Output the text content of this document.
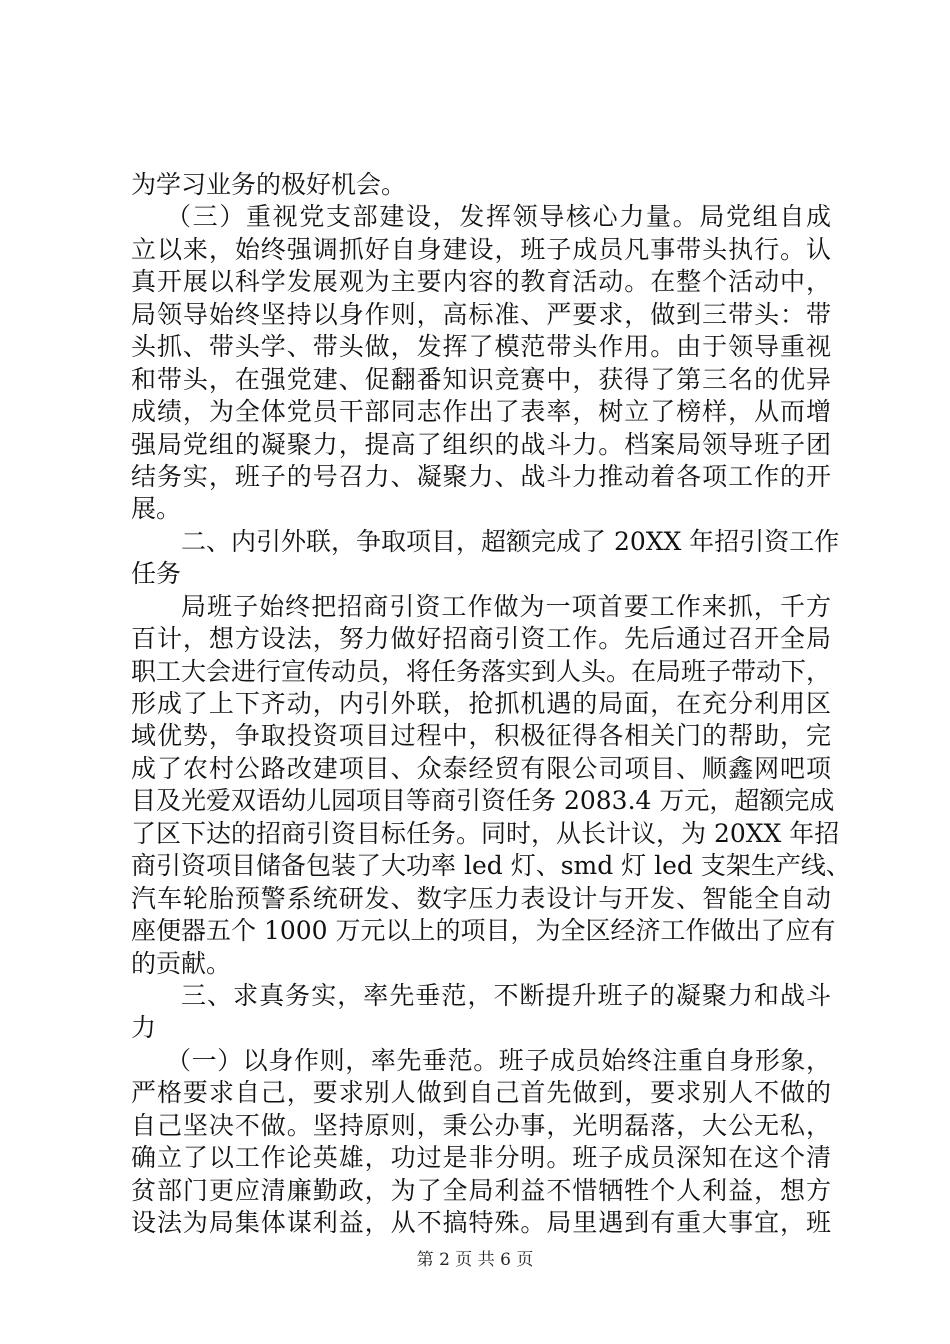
为学习业务的极好机会。
（三）重视党支部建设，发挥领导核心力量。局党组自成
立以来，始终强调抓好自身建设，班子成员凡事带头执行。认
真开展以科学发展观为主要内容的教育活动。在整个活动中，
局领导始终坚持以身作则，高标准、严要求，做到三带头：带
头抓、带头学、带头做，发挥了模范带头作用。由于领导重视
和带头，在强党建、促翻番知识竞赛中，获得了第三名的优异
成绩，为全体党员干部同志作出了表率，树立了榜样，从而增
强局党组的凝聚力，提高了组织的战斗力。档案局领导班子团
结务实，班子的号召力、凝聚力、战斗力推动着各项工作的开
展。
二、内引外联，争取项目，超额完成了 20XX 年招引资工作
任务
局班子始终把招商引资工作做为一项首要工作来抓，千方
百计，想方设法，努力做好招商引资工作。先后通过召开全局
职工大会进行宣传动员，将任务落实到人头。在局班子带动下，
形成了上下齐动，内引外联，抢抓机遇的局面，在充分利用区
域优势，争取投资项目过程中，积极征得各相关门的帮助，完
成了农村公路改建项目、众泰经贸有限公司项目、顺鑫网吧项
目及光爱双语幼儿园项目等商引资任务 2083.4 万元，超额完成
了区下达的招商引资目标任务。同时，从长计议，为 20XX 年招
商引资项目储备包装了大功率 led 灯、smd 灯 led 支架生产线、
汽车轮胎预警系统研发、数字压力表设计与开发、智能全自动
座便器五个 1000 万元以上的项目，为全区经济工作做出了应有
的贡献。
三、求真务实，率先垂范，不断提升班子的凝聚力和战斗
力
（一）以身作则，率先垂范。班子成员始终注重自身形象，
严格要求自己，要求别人做到自己首先做到，要求别人不做的
自己坚决不做。坚持原则，秉公办事，光明磊落，大公无私，
确立了以工作论英雄，功过是非分明。班子成员深知在这个清
贫部门更应清廉勤政，为了全局利益不惜牺牲个人利益，想方
设法为局集体谋利益，从不搞特殊。局里遇到有重大事宜，班
第 2 页 共 6 页
